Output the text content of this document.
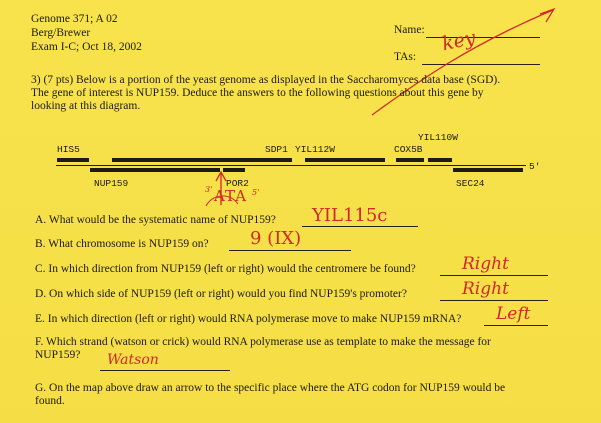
Genome 371; A 02
Berg/Brewer
Exam I-C; Oct 18, 2002
Name:
TAs:
key
3) (7 pts) Below is a portion of the yeast genome as displayed in the Saccharomyces data base (SGD).
The gene of interest is NUP159. Deduce the answers to the following questions about this gene by
looking at this diagram.
5'
HIS5	SDP1 YIL112W	COX5B
YIL110W
NUP159	POR2	SEC24
3' ATA 5'
A. What would be the systematic name of NUP159? YIL115c
B. What chromosome is NUP159 on? 9 (IX)
C. In which direction from NUP159 (left or right) would the centromere be found?	Right
D. On which side of NUP159 (left or right) would you find NUP159's promoter?	Right
E. In which direction (left or right) would RNA polymerase move to make NUP159 mRNA? Left
F. Which strand (watson or crick) would RNA polymerase use as template to make the message for
NUP159? Watson
G. On the map above draw an arrow to the specific place where the ATG codon for NUP159 would be
found.
